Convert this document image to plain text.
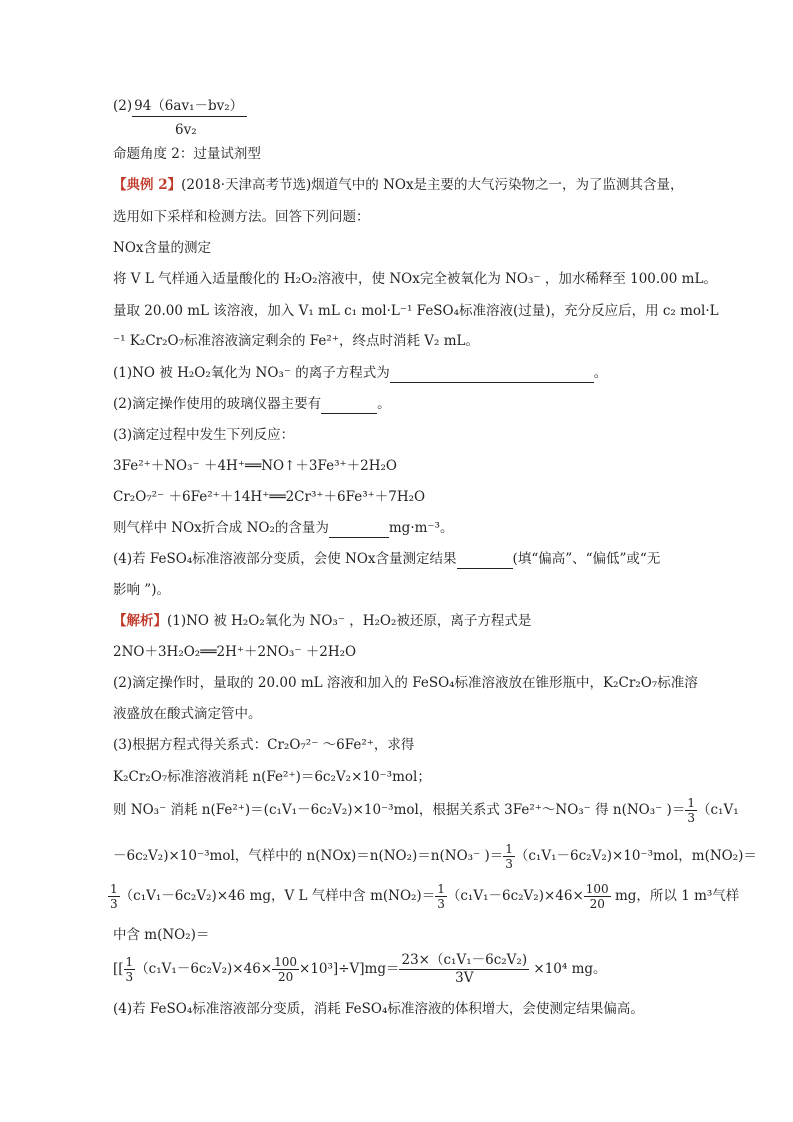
(2) 94（6av₁－bv₂）
6v₂
命题角度 2：过量试剂型
【典例 2】(2018·天津高考节选)烟道气中的 NOx是主要的大气污染物之一，为了监测其含量，
选用如下采样和检测方法。回答下列问题：
NOx含量的测定
将 V L 气样通入适量酸化的 H₂O₂溶液中，使 NOx完全被氧化为 NO₃⁻ ，加水稀释至 100.00 mL。
量取 20.00 mL 该溶液，加入 V₁ mL c₁ mol·L⁻¹ FeSO₄标准溶液(过量)，充分反应后，用 c₂ mol·L
⁻¹ K₂Cr₂O₇标准溶液滴定剩余的 Fe²⁺，终点时消耗 V₂ mL。
(1)NO 被 H₂O₂氧化为 NO₃⁻ 的离子方程式为	。
(2)滴定操作使用的玻璃仪器主要有	。
(3)滴定过程中发生下列反应：
3Fe²⁺＋NO₃⁻ ＋4H⁺══NO↑＋3Fe³⁺＋2H₂O
Cr₂O₇²⁻ ＋6Fe²⁺＋14H⁺══2Cr³⁺＋6Fe³⁺＋7H₂O
则气样中 NOx折合成 NO₂的含量为	mg·m⁻³。
(4)若 FeSO₄标准溶液部分变质，会使 NOx含量测定结果	(填“偏高”、“偏低”或“无
影响 ”)。
【解析】(1)NO 被 H₂O₂氧化为 NO₃⁻ ，H₂O₂被还原，离子方程式是
2NO＋3H₂O₂══2H⁺＋2NO₃⁻ ＋2H₂O
(2)滴定操作时，量取的 20.00 mL 溶液和加入的 FeSO₄标准溶液放在锥形瓶中，K₂Cr₂O₇标准溶
液盛放在酸式滴定管中。
(3)根据方程式得关系式：Cr₂O₇²⁻ ～6Fe²⁺，求得
K₂Cr₂O₇标准溶液消耗 n(Fe²⁺)＝6c₂V₂×10⁻³mol；
则 NO₃⁻ 消耗 n(Fe²⁺)＝(c₁V₁－6c₂V₂)×10⁻³mol，根据关系式 3Fe²⁺～NO₃⁻ 得 n(NO₃⁻ )＝ $\frac{1}{3} (c_1V_1$
－6c₂V₂)×10⁻³mol，气样中的 n(NOx)＝n(NO₂)＝n(NO₃⁻ )＝ $\frac{1}{3} (c_1V_1-6c_2V_2)\times 10^{-3}mol$，m(NO₂)＝
$\frac{1}{3} (c_1V_1-6c_2V_2)\times 46$ mg，V L 气样中含 $m(NO_2)= \frac{1}{3} (c_1V_1-6c_2V_2)\times 46\times \frac{100}{20}$ mg，所以 1 m³气样
中含 m(NO₂)＝
[[ $\frac{1}{3} (c_1V_1-6c_2V_2)\times 46\times \frac{100}{20} \times 10^3]\div V]mg= \frac{\text{23×（c₁V₁－6c₂V₂)}}{3V} \times 10^4$ mg。
(4)若 FeSO₄标准溶液部分变质，消耗 FeSO₄标准溶液的体积增大，会使测定结果偏高。
